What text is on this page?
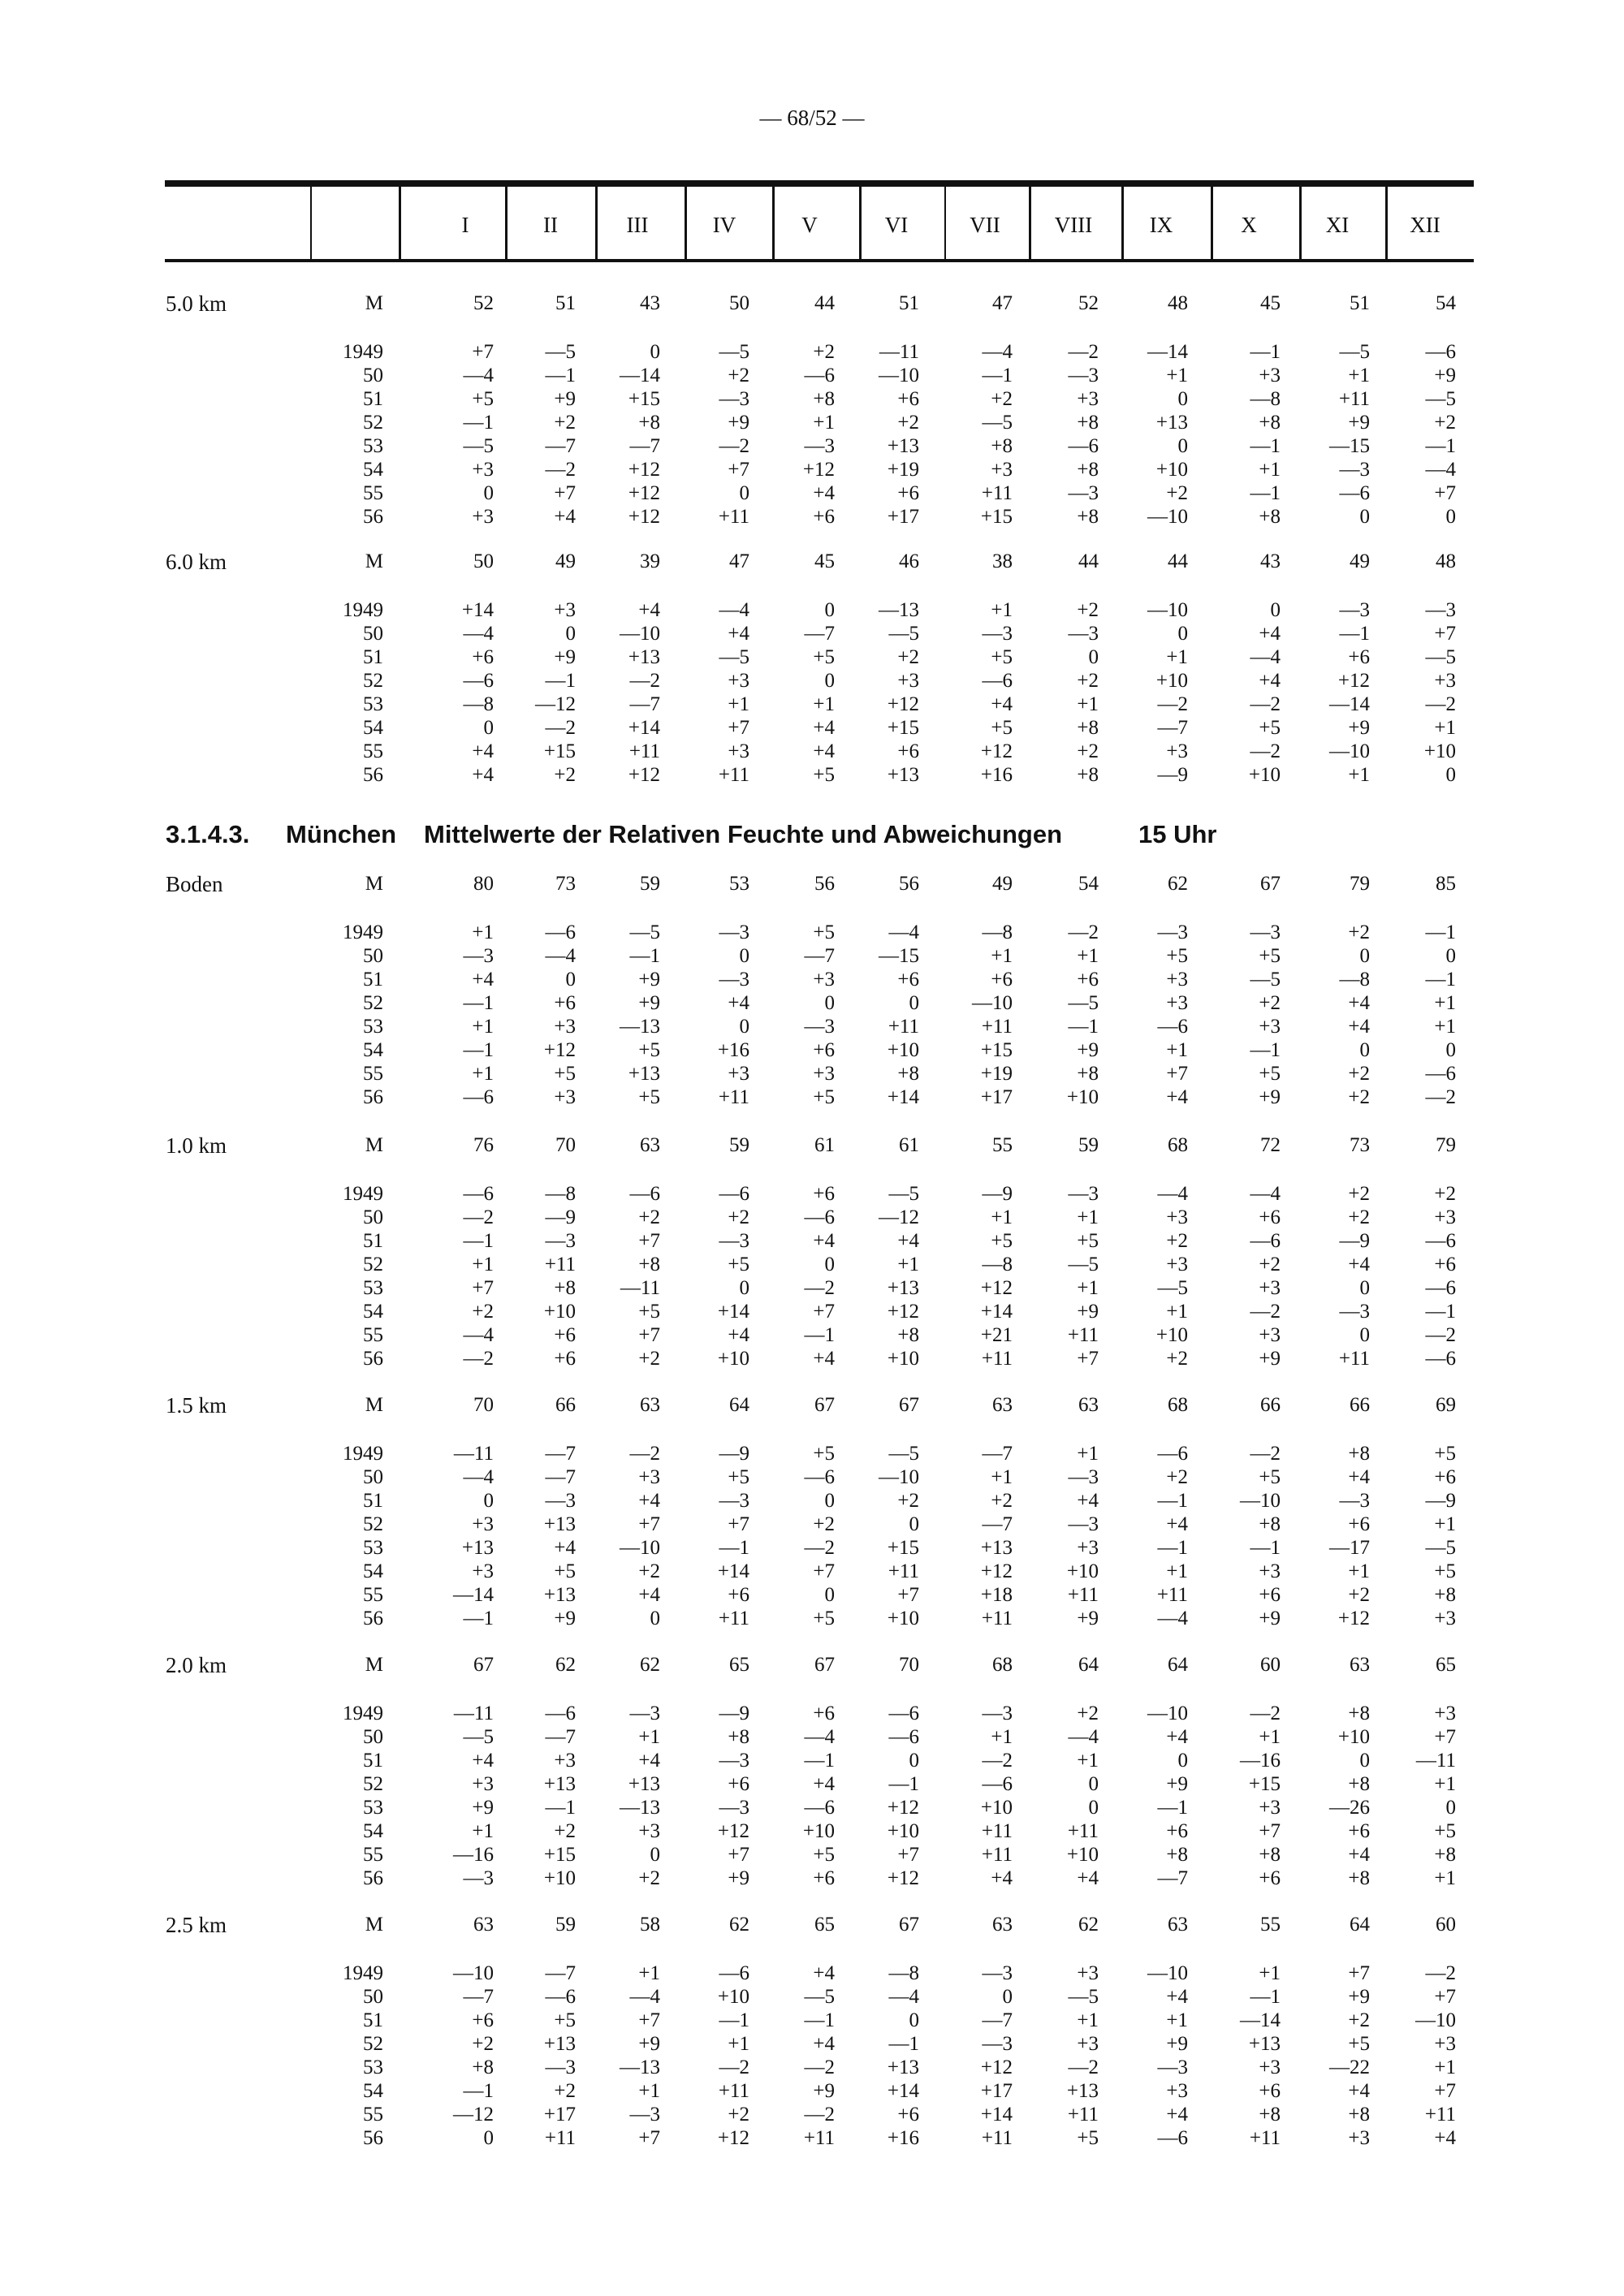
— 68/52 —
I	II	III	IV	V	VI	VII VIII	IX	X	XI	XII
5.0 km	M	52	51	43	50	44	51	47	52	48	45	51	54
1949	+7	—5	0	—5	+2	—11	—4	—2	—14	—1	—5	—6
50	—4	—1	—14	+2	—6	—10	—1	—3	+1	+3	+1	+9
51	+5	+9	+15	—3	+8	+6	+2	+3	0	—8	+11	—5
52	—1	+2	+8	+9	+1	+2	—5	+8	+13	+8	+9	+2
53	—5	—7	—7	—2	—3	+13	+8	—6	0	—1	—15	—1
54	+3	—2	+12	+7	+12	+19	+3	+8	+10	+1	—3	—4
55	0	+7	+12	0	+4	+6	+11	—3	+2	—1	—6	+7
56	+3	+4	+12	+11	+6	+17	+15	+8	—10	+8	0	0
6.0 km	M	50	49	39	47	45	46	38	44	44	43	49	48
1949	+14	+3	+4	—4	0	—13	+1	+2	—10	0	—3	—3
50	—4	0	—10	+4	—7	—5	—3	—3	0	+4	—1	+7
51	+6	+9	+13	—5	+5	+2	+5	0	+1	—4	+6	—5
52	—6	—1	—2	+3	0	+3	—6	+2	+10	+4	+12	+3
53	—8	—12	—7	+1	+1	+12	+4	+1	—2	—2	—14	—2
54	0	—2	+14	+7	+4	+15	+5	+8	—7	+5	+9	+1
55	+4	+15	+11	+3	+4	+6	+12	+2	+3	—2	—10	+10
56	+4	+2	+12	+11	+5	+13	+16	+8	—9	+10	+1	0
3.1.4.3. München Mittelwerte der Relativen Feuchte und Abweichungen	15 Uhr
Boden	M	80	73	59	53	56	56	49	54	62	67	79	85
1949	+1	—6	—5	—3	+5	—4	—8	—2	—3	—3	+2	—1
50	—3	—4	—1	0	—7	—15	+1	+1	+5	+5	0	0
51	+4	0	+9	—3	+3	+6	+6	+6	+3	—5	—8	—1
52	—1	+6	+9	+4	0	0	—10	—5	+3	+2	+4	+1
53	+1	+3	—13	0	—3	+11	+11	—1	—6	+3	+4	+1
54	—1	+12	+5	+16	+6	+10	+15	+9	+1	—1	0	0
55	+1	+5	+13	+3	+3	+8	+19	+8	+7	+5	+2	—6
56	—6	+3	+5	+11	+5	+14	+17	+10	+4	+9	+2	—2
1.0 km	M	76	70	63	59	61	61	55	59	68	72	73	79
1949	—6	—8	—6	—6	+6	—5	—9	—3	—4	—4	+2	+2
50	—2	—9	+2	+2	—6	—12	+1	+1	+3	+6	+2	+3
51	—1	—3	+7	—3	+4	+4	+5	+5	+2	—6	—9	—6
52	+1	+11	+8	+5	0	+1	—8	—5	+3	+2	+4	+6
53	+7	+8	—11	0	—2	+13	+12	+1	—5	+3	0	—6
54	+2	+10	+5	+14	+7	+12	+14	+9	+1	—2	—3	—1
55	—4	+6	+7	+4	—1	+8	+21	+11	+10	+3	0	—2
56	—2	+6	+2	+10	+4	+10	+11	+7	+2	+9	+11	—6
1.5 km	M	70	66	63	64	67	67	63	63	68	66	66	69
1949	—11	—7	—2	—9	+5	—5	—7	+1	—6	—2	+8	+5
50	—4	—7	+3	+5	—6	—10	+1	—3	+2	+5	+4	+6
51	0	—3	+4	—3	0	+2	+2	+4	—1	—10	—3	—9
52	+3	+13	+7	+7	+2	0	—7	—3	+4	+8	+6	+1
53	+13	+4	—10	—1	—2	+15	+13	+3	—1	—1	—17	—5
54	+3	+5	+2	+14	+7	+11	+12	+10	+1	+3	+1	+5
55	—14	+13	+4	+6	0	+7	+18	+11	+11	+6	+2	+8
56	—1	+9	0	+11	+5	+10	+11	+9	—4	+9	+12	+3
2.0 km	M	67	62	62	65	67	70	68	64	64	60	63	65
1949	—11	—6	—3	—9	+6	—6	—3	+2	—10	—2	+8	+3
50	—5	—7	+1	+8	—4	—6	+1	—4	+4	+1	+10	+7
51	+4	+3	+4	—3	—1	0	—2	+1	0	—16	0	—11
52	+3	+13	+13	+6	+4	—1	—6	0	+9	+15	+8	+1
53	+9	—1	—13	—3	—6	+12	+10	0	—1	+3	—26	0
54	+1	+2	+3	+12	+10	+10	+11	+11	+6	+7	+6	+5
55	—16	+15	0	+7	+5	+7	+11	+10	+8	+8	+4	+8
56	—3	+10	+2	+9	+6	+12	+4	+4	—7	+6	+8	+1
2.5 km	M	63	59	58	62	65	67	63	62	63	55	64	60
1949	—10	—7	+1	—6	+4	—8	—3	+3	—10	+1	+7	—2
50	—7	—6	—4	+10	—5	—4	0	—5	+4	—1	+9	+7
51	+6	+5	+7	—1	—1	0	—7	+1	+1	—14	+2	—10
52	+2	+13	+9	+1	+4	—1	—3	+3	+9	+13	+5	+3
53	+8	—3	—13	—2	—2	+13	+12	—2	—3	+3	—22	+1
54	—1	+2	+1	+11	+9	+14	+17	+13	+3	+6	+4	+7
55	—12	+17	—3	+2	—2	+6	+14	+11	+4	+8	+8	+11
56	0	+11	+7	+12	+11	+16	+11	+5	—6	+11	+3	+4
